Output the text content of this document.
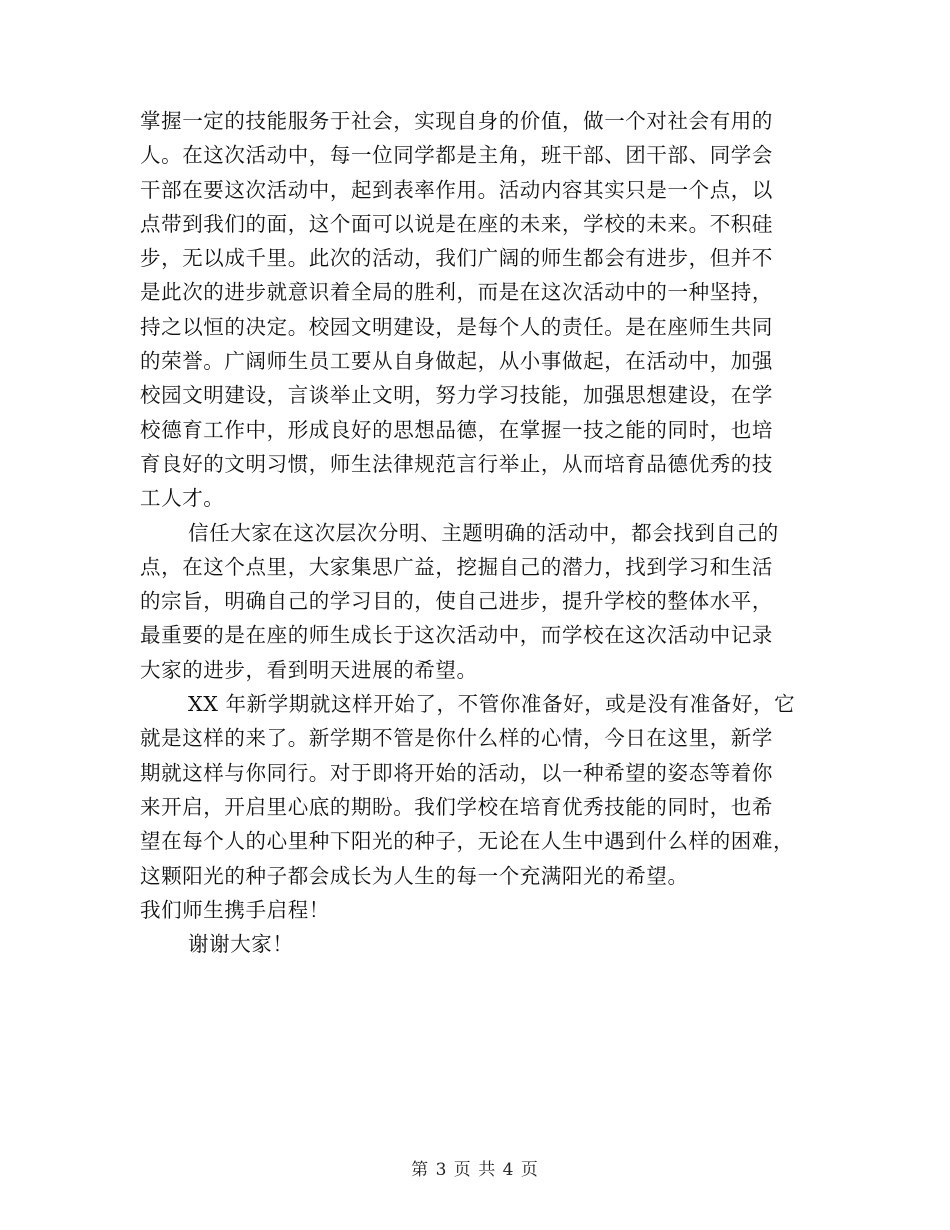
掌握一定的技能服务于社会，实现自身的价值，做一个对社会有用的
人。在这次活动中，每一位同学都是主角，班干部、团干部、同学会
干部在要这次活动中，起到表率作用。活动内容其实只是一个点，以
点带到我们的面，这个面可以说是在座的未来，学校的未来。不积硅
步，无以成千里。此次的活动，我们广阔的师生都会有进步，但并不
是此次的进步就意识着全局的胜利，而是在这次活动中的一种坚持，
持之以恒的决定。校园文明建设，是每个人的责任。是在座师生共同
的荣誉。广阔师生员工要从自身做起，从小事做起，在活动中，加强
校园文明建设，言谈举止文明，努力学习技能，加强思想建设，在学
校德育工作中，形成良好的思想品德，在掌握一技之能的同时，也培
育良好的文明习惯，师生法律规范言行举止，从而培育品德优秀的技
工人才。
信任大家在这次层次分明、主题明确的活动中，都会找到自己的
点，在这个点里，大家集思广益，挖掘自己的潜力，找到学习和生活
的宗旨，明确自己的学习目的，使自己进步，提升学校的整体水平，
最重要的是在座的师生成长于这次活动中，而学校在这次活动中记录
大家的进步，看到明天进展的希望。
XX 年新学期就这样开始了，不管你准备好，或是没有准备好，它
就是这样的来了。新学期不管是你什么样的心情，今日在这里，新学
期就这样与你同行。对于即将开始的活动，以一种希望的姿态等着你
来开启，开启里心底的期盼。我们学校在培育优秀技能的同时，也希
望在每个人的心里种下阳光的种子，无论在人生中遇到什么样的困难，
这颗阳光的种子都会成长为人生的每一个充满阳光的希望。
我们师生携手启程！
谢谢大家！
第 3 页 共 4 页
